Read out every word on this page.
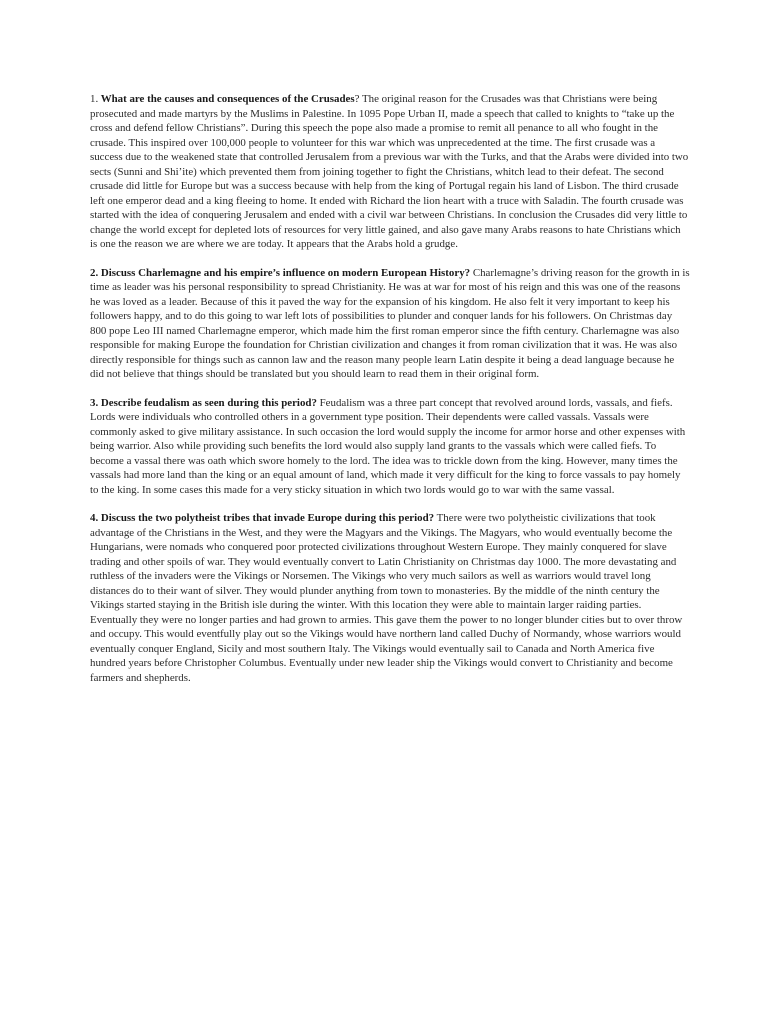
1. What are the causes and consequences of the Crusades? The original reason for the Crusades was that Christians were being prosecuted and made martyrs by the Muslims in Palestine. In 1095 Pope Urban II, made a speech that called to knights to “take up the cross and defend fellow Christians”. During this speech the pope also made a promise to remit all penance to all who fought in the crusade. This inspired over 100,000 people to volunteer for this war which was unprecedented at the time. The first crusade was a success due to the weakened state that controlled Jerusalem from a previous war with the Turks, and that the Arabs were divided into two sects (Sunni and Shi’ite) which prevented them from joining together to fight the Christians, whitch lead to their defeat. The second crusade did little for Europe but was a success because with help from the king of Portugal regain his land of Lisbon. The third crusade left one emperor dead and a king fleeing to home. It ended with Richard the lion heart with a truce with Saladin. The fourth crusade was started with the idea of conquering Jerusalem and ended with a civil war between Christians. In conclusion the Crusades did very little to change the world except for depleted lots of resources for very little gained, and also gave many Arabs reasons to hate Christians which is one the reason we are where we are today. It appears that the Arabs hold a grudge.

2. Discuss Charlemagne and his empire’s influence on modern European History? Charlemagne’s driving reason for the growth in is time as leader was his personal responsibility to spread Christianity. He was at war for most of his reign and this was one of the reasons he was loved as a leader. Because of this it paved the way for the expansion of his kingdom. He also felt it very important to keep his followers happy, and to do this going to war left lots of possibilities to plunder and conquer lands for his followers. On Christmas day 800 pope Leo III named Charlemagne emperor, which made him the first roman emperor since the fifth century. Charlemagne was also responsible for making Europe the foundation for Christian civilization and changes it from roman civilization that it was. He was also directly responsible for things such as cannon law and the reason many people learn Latin despite it being a dead language because he did not believe that things should be translated but you should learn to read them in their original form.

3. Describe feudalism as seen during this period? Feudalism was a three part concept that revolved around lords, vassals, and fiefs. Lords were individuals who controlled others in a government type position. Their dependents were called vassals. Vassals were commonly asked to give military assistance. In such occasion the lord would supply the income for armor horse and other expenses with being warrior. Also while providing such benefits the lord would also supply land grants to the vassals which were called fiefs. To become a vassal there was oath which swore homely to the lord. The idea was to trickle down from the king. However, many times the vassals had more land than the king or an equal amount of land, which made it very difficult for the king to force vassals to pay homely to the king. In some cases this made for a very sticky situation in which two lords would go to war with the same vassal.

4. Discuss the two polytheist tribes that invade Europe during this period? There were two polytheistic civilizations that took advantage of the Christians in the West, and they were the Magyars and the Vikings. The Magyars, who would eventually become the Hungarians, were nomads who conquered poor protected civilizations throughout Western Europe. They mainly conquered for slave trading and other spoils of war. They would eventually convert to Latin Christianity on Christmas day 1000. The more devastating and ruthless of the invaders were the Vikings or Norsemen. The Vikings who very much sailors as well as warriors would travel long distances do to their want of silver. They would plunder anything from town to monasteries. By the middle of the ninth century the Vikings started staying in the British isle during the winter. With this location they were able to maintain larger raiding parties. Eventually they were no longer parties and had grown to armies. This gave them the power to no longer blunder cities but to over throw and occupy. This would eventfully play out so the Vikings would have northern land called Duchy of Normandy, whose warriors would eventually conquer England, Sicily and most southern Italy. The Vikings would eventually sail to Canada and North America five hundred years before Christopher Columbus. Eventually under new leader ship the Vikings would convert to Christianity and become farmers and shepherds.
